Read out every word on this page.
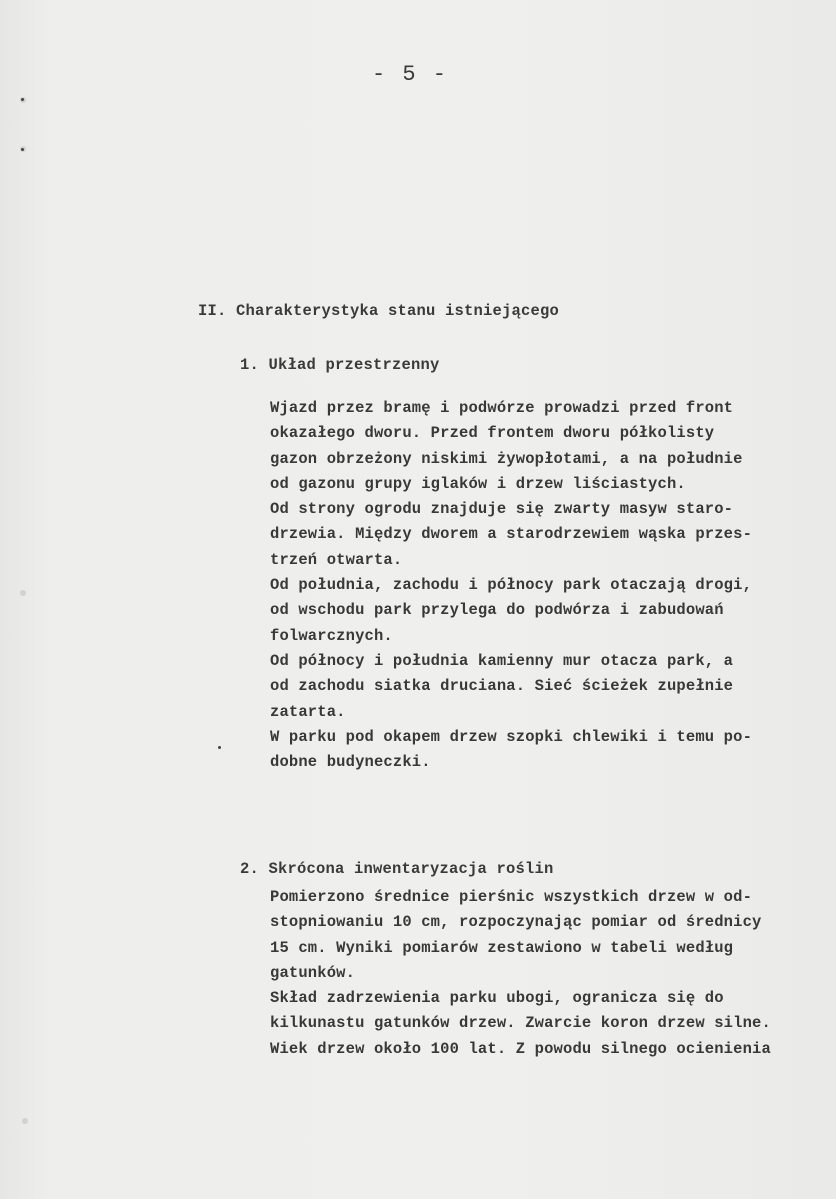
- 5 -
II. Charakterystyka stanu istniejącego
1. Układ przestrzenny
Wjazd przez bramę i podwórze prowadzi przed front
okazałego dworu. Przed frontem dworu półkolisty
gazon obrzeżony niskimi żywopłotami, a na południe
od gazonu grupy iglaków i drzew liściastych.
Od strony ogrodu znajduje się zwarty masyw staro-
drzewia. Między dworem a starodrzewiem wąska przes-
trzeń otwarta.
Od południa, zachodu i północy park otaczają drogi,
od wschodu park przylega do podwórza i zabudowań
folwarcznych.
Od północy i południa kamienny mur otacza park, a
od zachodu siatka druciana. Sieć ścieżek zupełnie
zatarta.
W parku pod okapem drzew szopki chlewiki i temu po-
dobne budyneczki.
2. Skrócona inwentaryzacja roślin
Pomierzono średnice pierśnic wszystkich drzew w od-
stopniowaniu 10 cm, rozpoczynając pomiar od średnicy
15 cm. Wyniki pomiarów zestawiono w tabeli według
gatunków.
Skład zadrzewienia parku ubogi, ogranicza się do
kilkunastu gatunków drzew. Zwarcie koron drzew silne.
Wiek drzew około 100 lat. Z powodu silnego ocienienia
